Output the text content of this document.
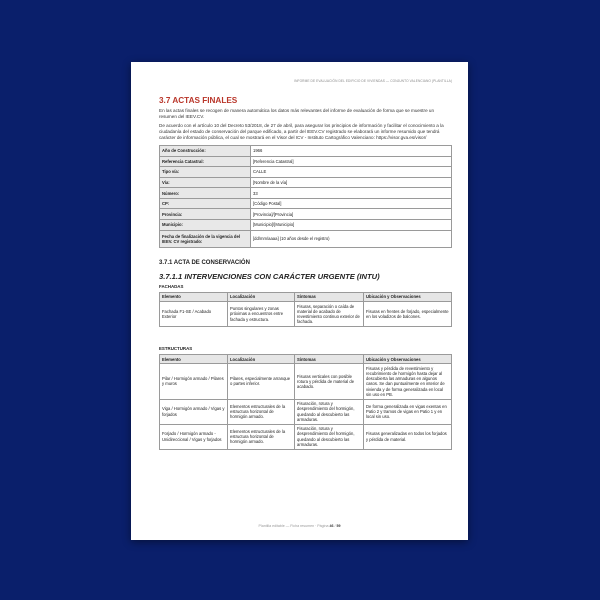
INFORME DE EVALUACIÓN DEL EDIFICIO DE VIVIENDAS — CONJUNTO VALENCIANO (PLANTILLA)
3.7 ACTAS FINALES
En las actas finales se recogen de manera automática los datos más relevantes del informe de evaluación de forma que se muestre un resumen del IEEV.CV.
De acuerdo con el artículo 10 del Decreto 53/2018, de 27 de abril, para asegurar los principios de información y facilitar el conocimiento a la ciudadanía del estado de conservación del parque edificado, a partir del IEEV.CV registrado se elaborará un informe resumido que tendrá carácter de información pública, el cual se mostrará en el Visor del ICV - Instituto Cartográfico Valenciano: https://visor.gva.es/visor/
Año de Construcción:	1966
Referencia Catastral:	[Referencia Catastral]
Tipo vía:	CALLE
Vía:	[Nombre de la vía]
Número:	33
CP:	[Código Postal]
Provincia:	[Provincia]/[Provincia]
Municipio:	[Municipio]/[Municipio]
Fecha de finalización de la vigencia del IEEV. CV registrado:	[dd/mm/aaaa] (10 años desde el registro)
3.7.1 ACTA DE CONSERVACIÓN
3.7.1.1 INTERVENCIONES CON CARÁCTER URGENTE (INTU)
FACHADAS
Elemento	Localización	Síntomas	Ubicación y Observaciones
Fachada F1-SE / Acabado Exterior	Puntos singulares y zonas próximas a encuentros entre fachada y estructura.	Fisuras, separación o caída de material de acabado de revestimiento continuo exterior de fachada.	Fisuras en frentes de forjado, especialmente en los voladizos de balcones.
ESTRUCTURAS
Elemento	Localización	Síntomas	Ubicación y Observaciones
Pilar / Hormigón armado / Pilares y muros	Pilares, especialmente arranque o partes inferior.	Fisuras verticales con posible rotura y pérdida de material de acabado.	Fisuras y pérdida de revestimiento y recubrimiento de hormigón hasta dejar al descubierta las armaduras en algunos casos. Se dan puntualmente en interior de vivienda y de forma generalizada en local sin uso en PB.
Viga / Hormigón armado / Vigas y forjados	Elementos estructurales de la estructura horizontal de hormigón armado.	Fisuración, rotura y desprendimiento del hormigón, quedando al descubierto las armaduras.	De forma generalizada en vigas exentas en Patio 2 y tramos de vigas en Patio 1 y en local sin uso.
Forjado / Hormigón armado - Unidireccional / Vigas y forjados	Elementos estructurales de la estructura horizontal de hormigón armado.	Fisuración, rotura y desprendimiento del hormigón, quedando al descubierto las armaduras.	Fisuras generalizadas en todos los forjados y pérdida de material.
Plantilla editable — Ficha resumen · Página 46 / 59
